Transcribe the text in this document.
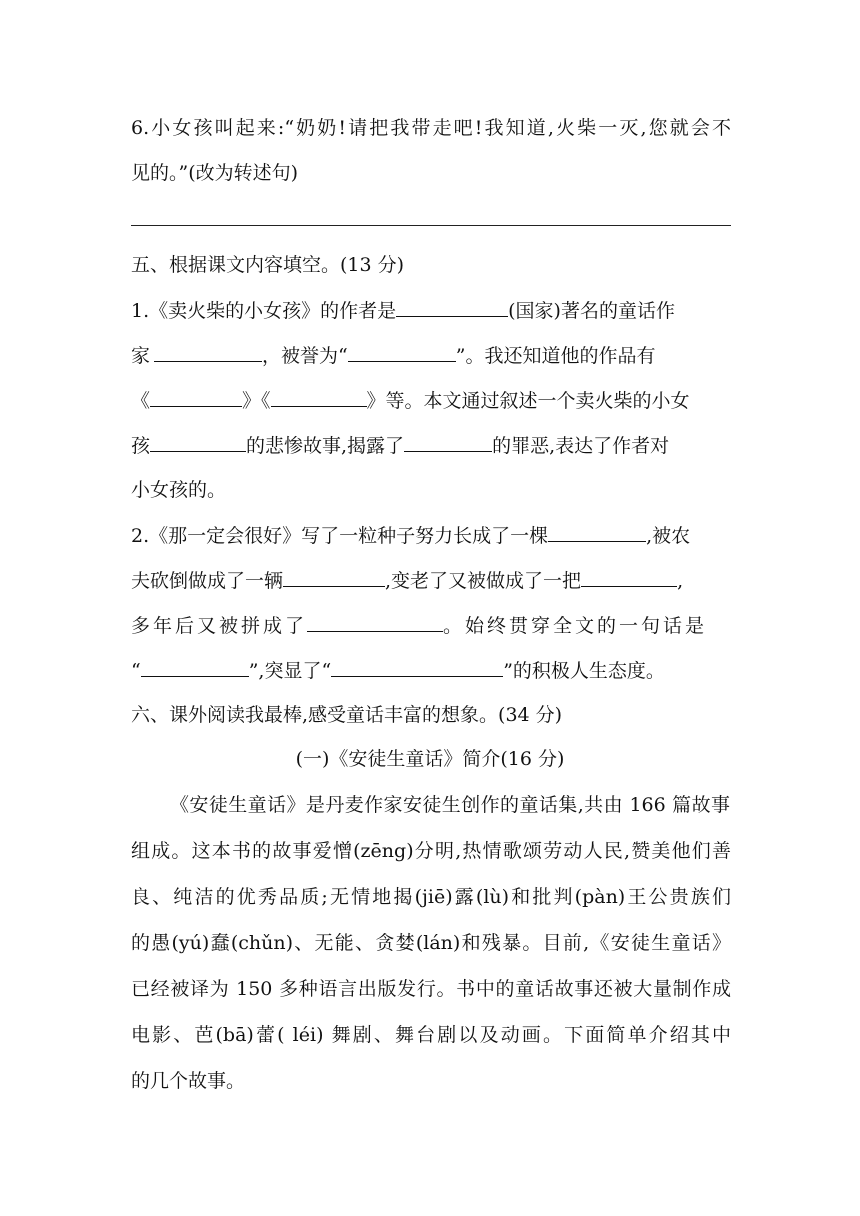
6.小女孩叫起来:“奶奶!请把我带走吧!我知道,火柴一灭,您就会不
见的。”(改为转述句)
五、根据课文内容填空。(13 分)
1.《卖火柴的小女孩》的作者是	(国家)著名的童话作
家	，被誉为“	”。我还知道他的作品有
《	》《	》等。本文通过叙述一个卖火柴的小女
孩	的悲惨故事,揭露了	的罪恶,表达了作者对
小女孩的。
2.《那一定会很好》写了一粒种子努力长成了一棵	,被农
夫砍倒做成了一辆	,变老了又被做成了一把	,
多年后又被拼成了	。始终贯穿全文的一句话是
“	”,突显了“	”的积极人生态度。
六、课外阅读我最棒,感受童话丰富的想象。(34 分)
(一)《安徒生童话》简介(16 分)
《安徒生童话》是丹麦作家安徒生创作的童话集,共由 166 篇故事
组成。这本书的故事爱憎(zēng)分明,热情歌颂劳动人民,赞美他们善
良、纯洁的优秀品质;无情地揭(jiē)露(lù)和批判(pàn)王公贵族们
的愚(yú)蠢(chǔn)、无能、贪婪(lán)和残暴。目前,《安徒生童话》
已经被译为 150 多种语言出版发行。书中的童话故事还被大量制作成
电影、芭(bā)蕾( léi) 舞剧、舞台剧以及动画。下面简单介绍其中
的几个故事。
